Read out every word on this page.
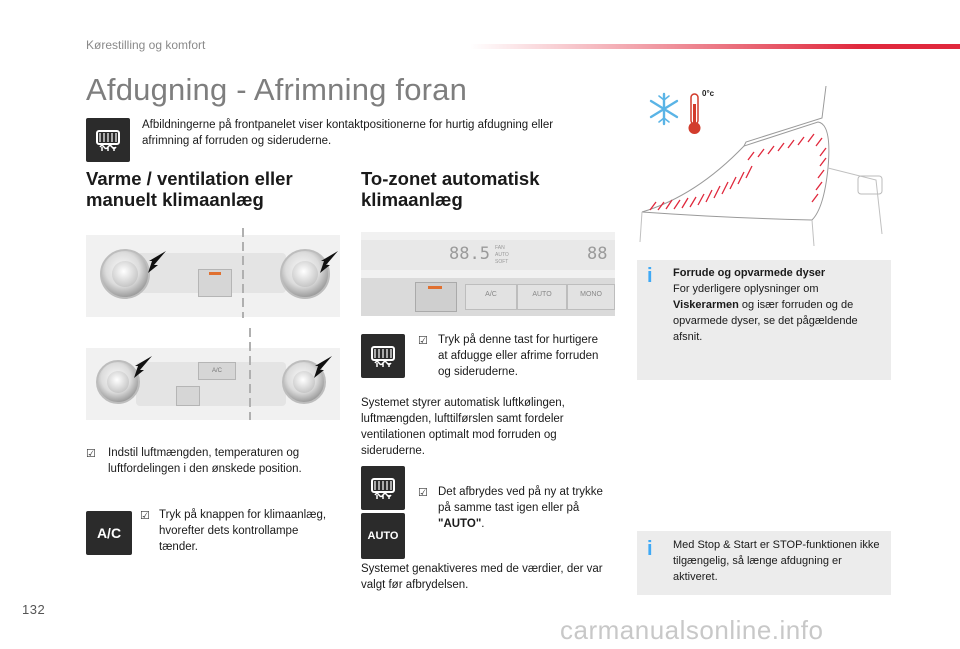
Kørestilling og komfort
Afdugning - Afrimning foran
Afbildningerne på frontpanelet viser kontaktpositionerne for hurtig afdugning eller afrimning af forruden og sideruderne.
Varme / ventilation eller manuelt klimaanlæg
A/C
☑ Indstil luftmængden, temperaturen og luftfordelingen i den ønskede position.
A/C
☑ Tryk på knappen for klimaanlæg, hvorefter dets kontrollampe tænder.
To-zonet automatisk klimaanlæg
88.5 FAN AUTO SOFT	88
A/C	AUTO	MONO
☑ Tryk på denne tast for hurtigere at afdugge eller afrime forruden og sideruderne.
Systemet styrer automatisk luftkølingen, luftmængden, lufttilførslen samt fordeler ventilationen optimalt mod forruden og sideruderne.
AUTO
☑ Det afbrydes ved på ny at trykke på samme tast igen eller på "AUTO".
Systemet genaktiveres med de værdier, der var valgt før afbrydelsen.
0°c
i Forrude og opvarmede dyser
For yderligere oplysninger om
Viskerarmen og især forruden og de opvarmede dyser, se det pågældende afsnit.
i Med Stop & Start er STOP-funktionen ikke tilgængelig, så længe afdugning er aktiveret.
132
carmanualsonline.info
